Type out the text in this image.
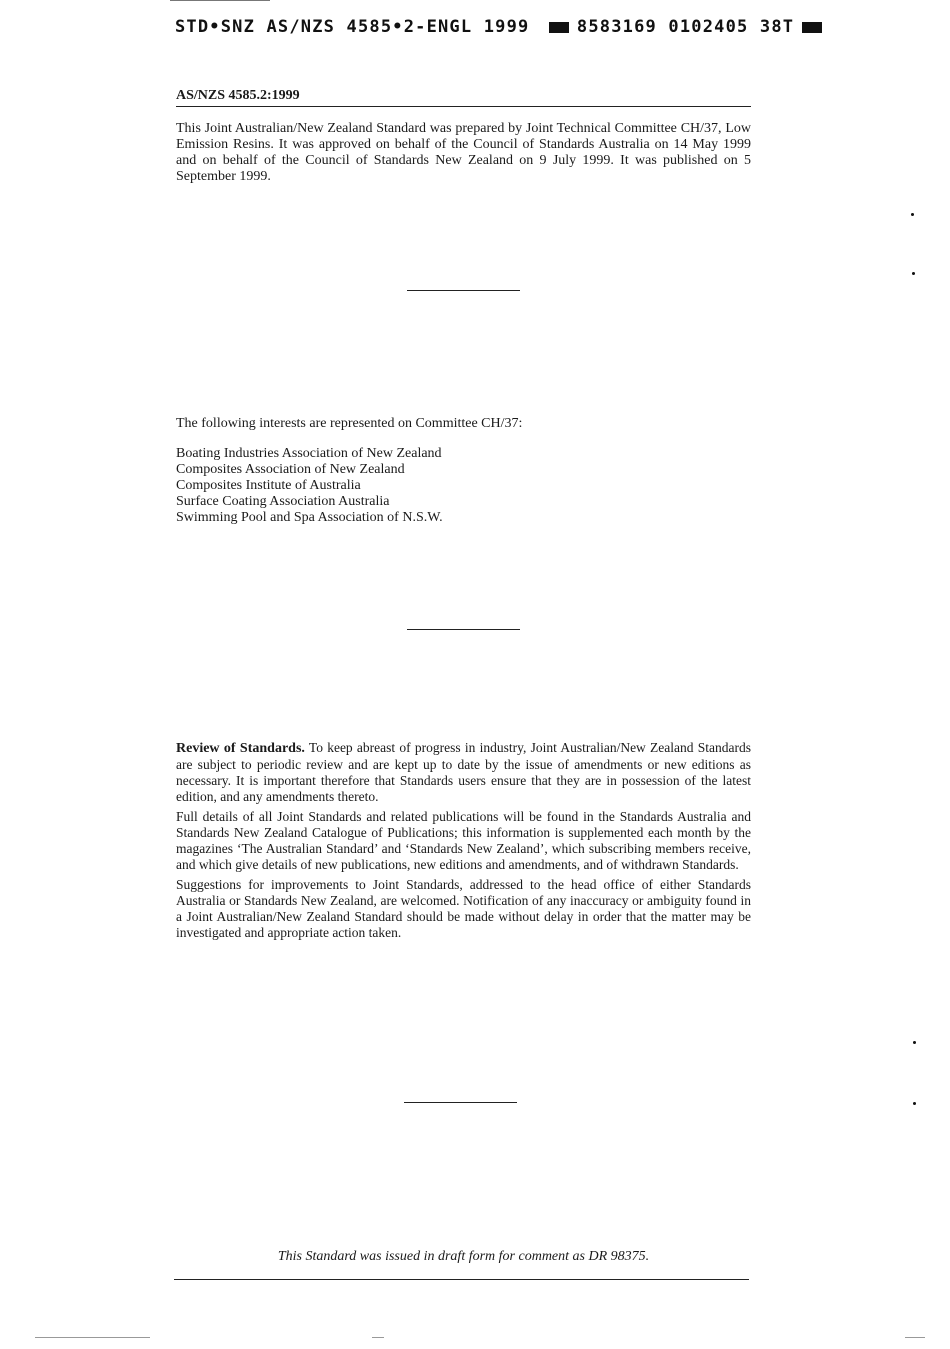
STD•SNZ AS/NZS 4585•2-ENGL 1999	8583169 0102405 38T
AS/NZS 4585.2:1999

This Joint Australian/New Zealand Standard was prepared by Joint Technical Committee CH/37, Low Emission Resins. It was approved on behalf of the Council of Standards Australia on 14 May 1999 and on behalf of the Council of Standards New Zealand on 9 July 1999. It was published on 5 September 1999.

The following interests are represented on Committee CH/37:

Boating Industries Association of New Zealand
Composites Association of New Zealand
Composites Institute of Australia
Surface Coating Association Australia
Swimming Pool and Spa Association of N.S.W.

Review of Standards. To keep abreast of progress in industry, Joint Australian/New Zealand Standards are subject to periodic review and are kept up to date by the issue of amendments or new editions as necessary. It is important therefore that Standards users ensure that they are in possession of the latest edition, and any amendments thereto.

Full details of all Joint Standards and related publications will be found in the Standards Australia and Standards New Zealand Catalogue of Publications; this information is supplemented each month by the magazines ‘The Australian Standard’ and ‘Standards New Zealand’, which subscribing members receive, and which give details of new publications, new editions and amendments, and of withdrawn Standards.

Suggestions for improvements to Joint Standards, addressed to the head office of either Standards Australia or Standards New Zealand, are welcomed. Notification of any inaccuracy or ambiguity found in a Joint Australian/New Zealand Standard should be made without delay in order that the matter may be investigated and appropriate action taken.

This Standard was issued in draft form for comment as DR 98375.
